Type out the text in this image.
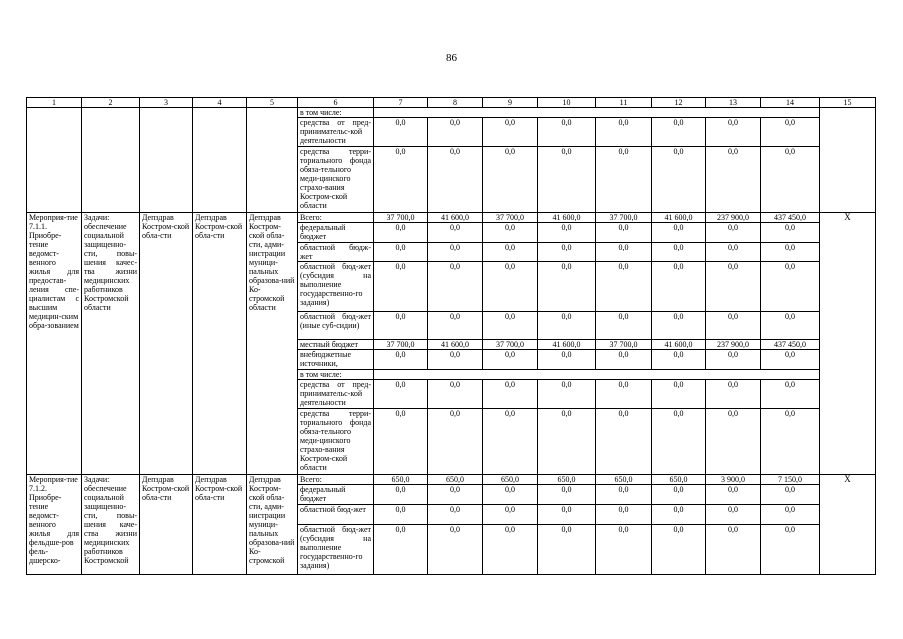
86
1	2	3	4	5	6	7	8	9	10	11	12	13	14	15
					в том числе:									
					средства от пред-принимательс-кой деятельности	0,0	0,0	0,0	0,0	0,0	0,0	0,0	0,0	
					средства терри-ториального фонда обяза-тельного меди-цинского страхо-вания Костром-ской области	0,0	0,0	0,0	0,0	0,0	0,0	0,0	0,0	
Мероприя-тие 7.1.1. Приобре-тение ведомст-венного жилья для предостав-ления спе-циалистам с высшим медицин-ским обра-зованием	Задачи: обеспечение социальной защищенно-сти, повы-шения качес-тва жизни медицинских работников Костромской области	Депздрав Костром-ской обла-сти	Депздрав Костром-ской обла-сти	Депздрав Костром-ской обла-сти, адми-нистрации муници-пальных образова-ний Ко-стромской области	Всего:	37 700,0	41 600,0	37 700,0	41 600,0	37 700,0	41 600,0	237 900,0	437 450,0	X
					федеральный бюджет	0,0	0,0	0,0	0,0	0,0	0,0	0,0	0,0	
					областной бюдж-жет	0,0	0,0	0,0	0,0	0,0	0,0	0,0	0,0	
					областной бюд-жет (субсидия на выполнение государственно-го задания)	0,0	0,0	0,0	0,0	0,0	0,0	0,0	0,0	
					областной бюд-жет (иные суб-сидии)	0,0	0,0	0,0	0,0	0,0	0,0	0,0	0,0	
					местный бюджет	37 700,0	41 600,0	37 700,0	41 600,0	37 700,0	41 600,0	237 900,0	437 450,0	
					внебюджетные источники,	0,0	0,0	0,0	0,0	0,0	0,0	0,0	0,0	
					в том числе:									
					средства от пред-принимательс-кой деятельности	0,0	0,0	0,0	0,0	0,0	0,0	0,0	0,0	
					средства терри-ториального фонда обяза-тельного меди-цинского страхо-вания Костром-ской области	0,0	0,0	0,0	0,0	0,0	0,0	0,0	0,0	
Мероприя-тие 7.1.2. Приобре-тение ведомст-венного жилья для фельдше-ров фель-дшерско-	Задачи: обеспечение социальной защищенно-сти, повы-шения каче-ства жизни медицинских работников Костромской	Депздрав Костром-ской обла-сти	Депздрав Костром-ской обла-сти	Депздрав Костром-ской обла-сти, адми-нистрации муници-пальных образова-ний Ко-стромской	Всего:	650,0	650,0	650,0	650,0	650,0	650,0	3 900,0	7 150,0	X
					федеральный бюджет	0,0	0,0	0,0	0,0	0,0	0,0	0,0	0,0	
					областной бюд-жет	0,0	0,0	0,0	0,0	0,0	0,0	0,0	0,0	
					областной бюд-жет (субсидия на выполнение государственно-го задания)	0,0	0,0	0,0	0,0	0,0	0,0	0,0	0,0	
